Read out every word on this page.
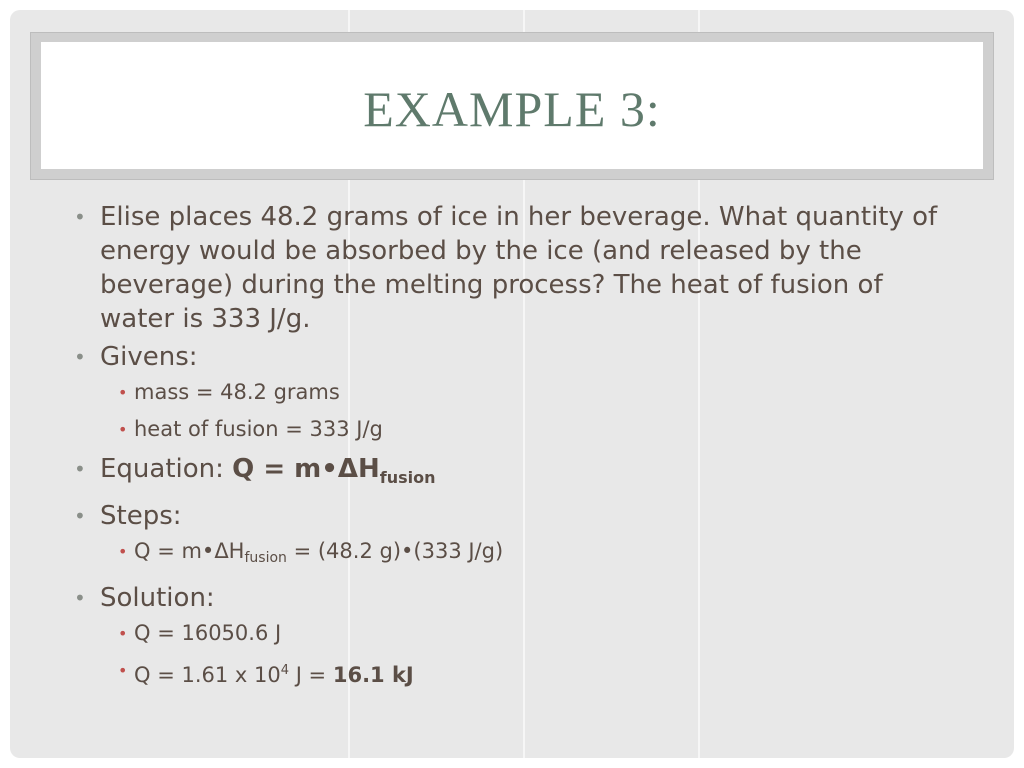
EXAMPLE 3:
• Elise places 48.2 grams of ice in her beverage. What quantity of energy would be absorbed by the ice (and released by the beverage) during the melting process? The heat of fusion of water is 333 J/g.
• Givens:
• mass = 48.2 grams
• heat of fusion = 333 J/g
• Equation: $Q = m•\Delta H_{fusion}$
• Steps:
• $Q = m•\Delta H_{fusion} = (48.2$ g)•(333 J/g)
• Solution:
• Q = 16050.6 J
• Q = 1.61 x $10^4$ J = 16.1 kJ
